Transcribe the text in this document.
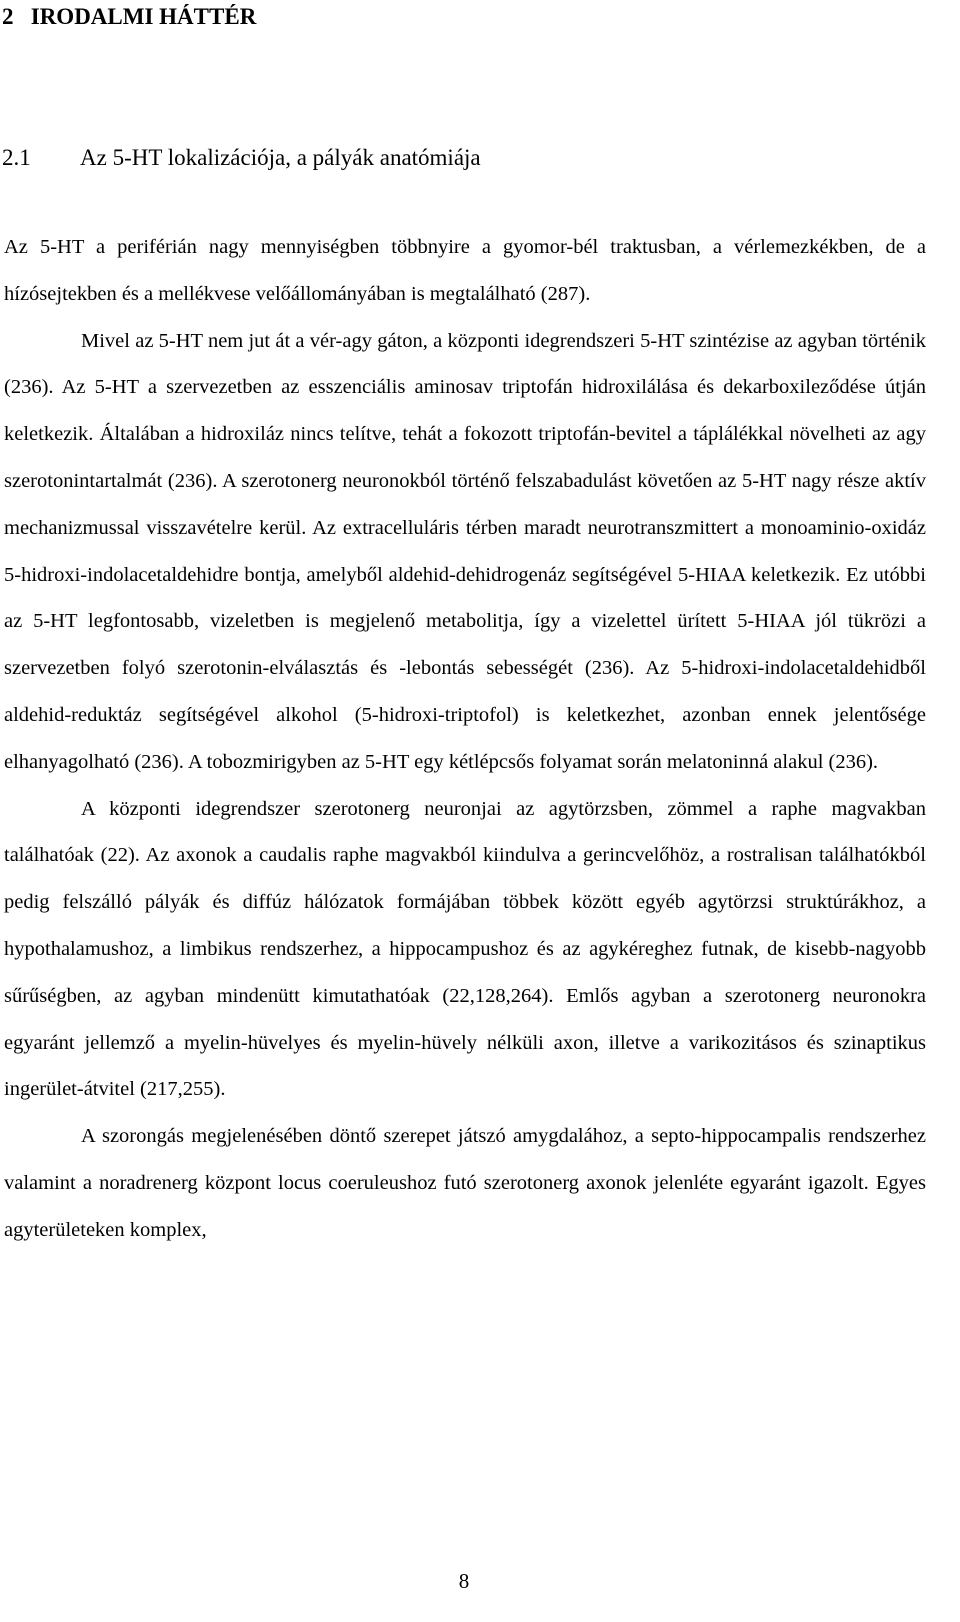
2 IRODALMI HÁTTÉR
2.1 Az 5-HT lokalizációja, a pályák anatómiája

Az 5-HT a periférián nagy mennyiségben többnyire a gyomor-bél traktusban, a vérlemezkékben, de a hízósejtekben és a mellékvese velőállományában is megtalálható (287).

Mivel az 5-HT nem jut át a vér-agy gáton, a központi idegrendszeri 5-HT szintézise az agyban történik (236). Az 5-HT a szervezetben az esszenciális aminosav triptofán hidroxilálása és dekarboxileződése útján keletkezik. Általában a hidroxiláz nincs telítve, tehát a fokozott triptofán-bevitel a táplálékkal növelheti az agy szerotonintartalmát (236). A szerotonerg neuronokból történő felszabadulást követően az 5-HT nagy része aktív mechanizmussal visszavételre kerül. Az extracelluláris térben maradt neurotranszmittert a monoaminio-oxidáz 5-hidroxi-indolacetaldehidre bontja, amelyből aldehid-dehidrogenáz segítségével 5-HIAA keletkezik. Ez utóbbi az 5-HT legfontosabb, vizeletben is megjelenő metabolitja, így a vizelettel ürített 5-HIAA jól tükrözi a szervezetben folyó szerotonin-elválasztás és -lebontás sebességét (236). Az 5-hidroxi-indolacetaldehidből aldehid-reduktáz segítségével alkohol (5-hidroxi-triptofol) is keletkezhet, azonban ennek jelentősége elhanyagolható (236). A tobozmirigyben az 5-HT egy kétlépcsős folyamat során melatoninná alakul (236).

A központi idegrendszer szerotonerg neuronjai az agytörzsben, zömmel a raphe magvakban találhatóak (22). Az axonok a caudalis raphe magvakból kiindulva a gerincvelőhöz, a rostralisan találhatókból pedig felszálló pályák és diffúz hálózatok formájában többek között egyéb agytörzsi struktúrákhoz, a hypothalamushoz, a limbikus rendszerhez, a hippocampushoz és az agykéreghez futnak, de kisebb-nagyobb sűrűségben, az agyban mindenütt kimutathatóak (22,128,264). Emlős agyban a szerotonerg neuronokra egyaránt jellemző a myelin-hüvelyes és myelin-hüvely nélküli axon, illetve a varikozitásos és szinaptikus ingerület-átvitel (217,255).

A szorongás megjelenésében döntő szerepet játszó amygdalához, a septo-hippocampalis rendszerhez valamint a noradrenerg központ locus coeruleushoz futó szerotonerg axonok jelenléte egyaránt igazolt. Egyes agyterületeken komplex,

8
